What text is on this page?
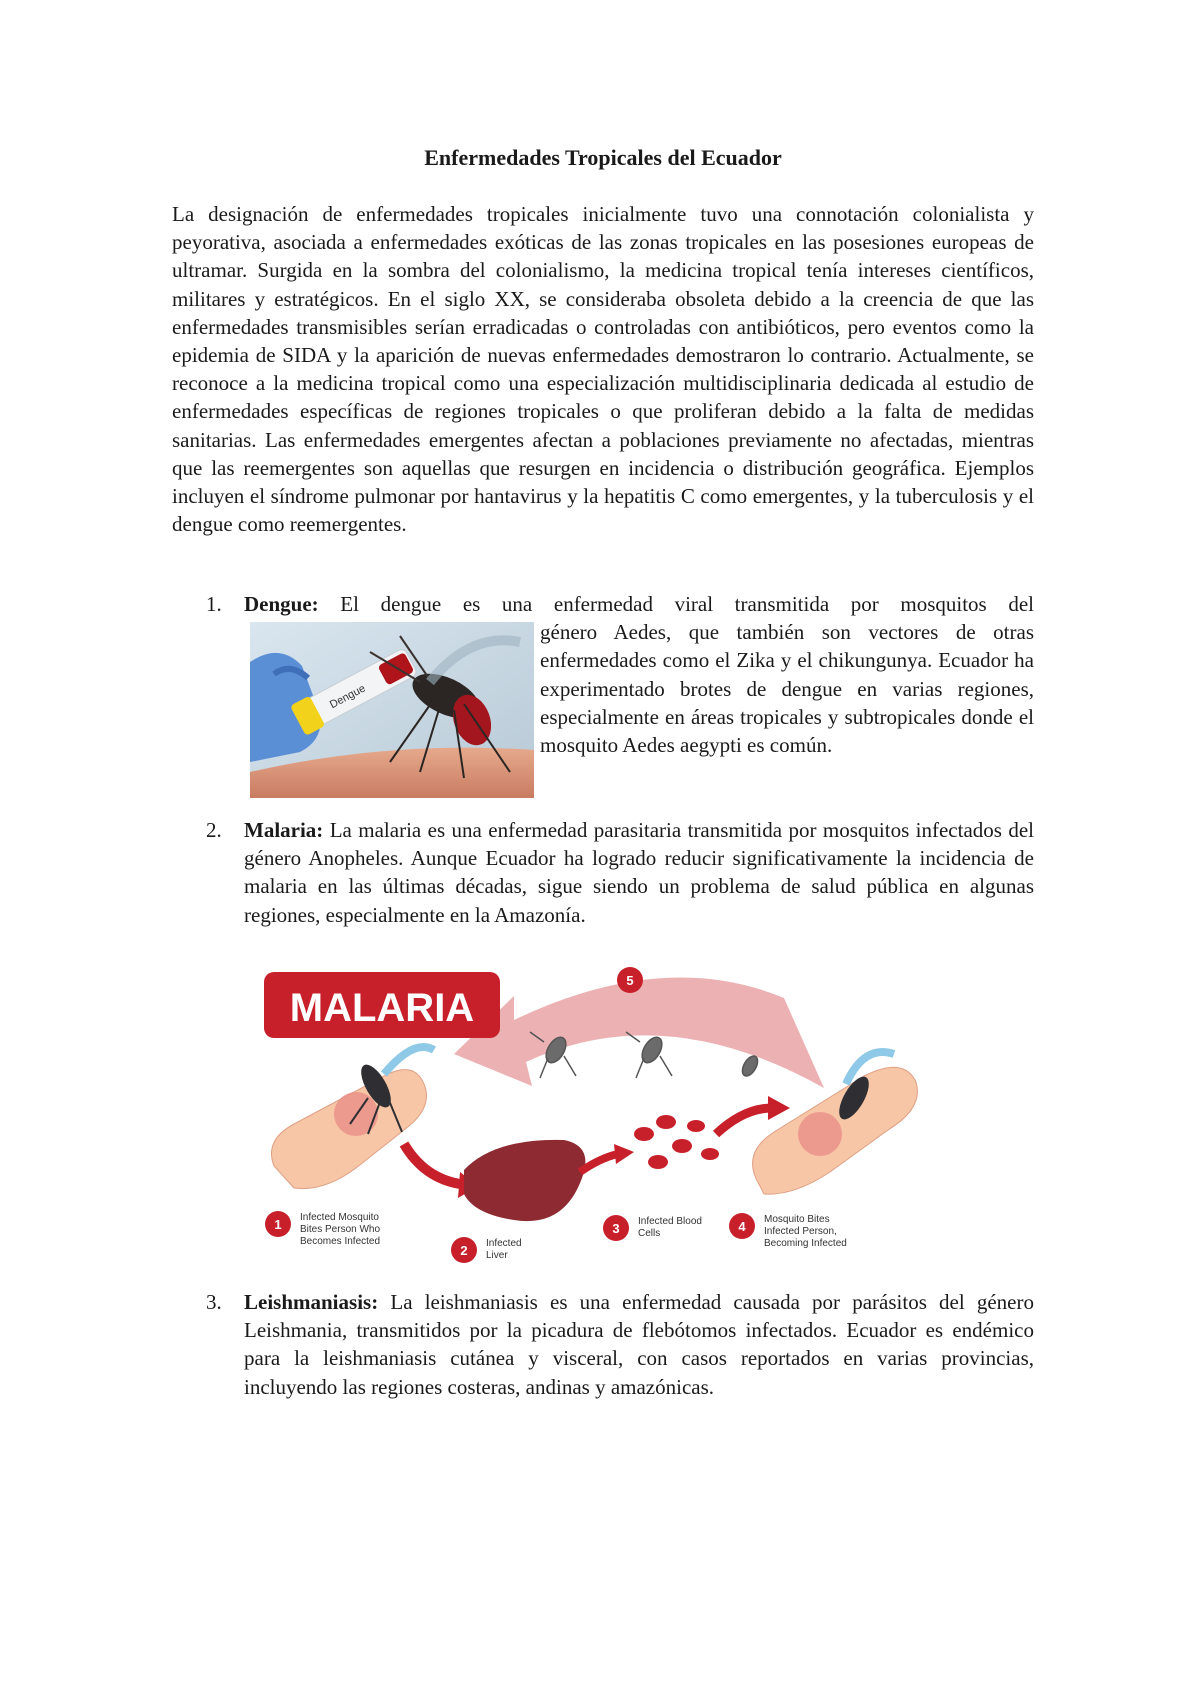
Enfermedades Tropicales del Ecuador

La designación de enfermedades tropicales inicialmente tuvo una connotación colonialista y peyorativa, asociada a enfermedades exóticas de las zonas tropicales en las posesiones europeas de ultramar. Surgida en la sombra del colonialismo, la medicina tropical tenía intereses científicos, militares y estratégicos. En el siglo XX, se consideraba obsoleta debido a la creencia de que las enfermedades transmisibles serían erradicadas o controladas con antibióticos, pero eventos como la epidemia de SIDA y la aparición de nuevas enfermedades demostraron lo contrario. Actualmente, se reconoce a la medicina tropical como una especialización multidisciplinaria dedicada al estudio de enfermedades específicas de regiones tropicales o que proliferan debido a la falta de medidas sanitarias. Las enfermedades emergentes afectan a poblaciones previamente no afectadas, mientras que las reemergentes son aquellas que resurgen en incidencia o distribución geográfica. Ejemplos incluyen el síndrome pulmonar por hantavirus y la hepatitis C como emergentes, y la tuberculosis y el dengue como reemergentes.

1. Dengue: El dengue es una enfermedad viral transmitida por mosquitos del
Dengue
género Aedes, que también son vectores de otras enfermedades como el Zika y el chikungunya. Ecuador ha experimentado brotes de dengue en varias regiones, especialmente en áreas tropicales y subtropicales donde el mosquito Aedes aegypti es común.
2. Malaria: La malaria es una enfermedad parasitaria transmitida por mosquitos infectados del género Anopheles. Aunque Ecuador ha logrado reducir significativamente la incidencia de malaria en las últimas décadas, sigue siendo un problema de salud pública en algunas regiones, especialmente en la Amazonía.
5
MALARIA
1 Infected Mosquito
Bites Person Who
Becomes Infected
2 Infected
Liver
3 Infected Blood
Cells	4 Mosquito Bites
Infected Person,
Becoming Infected
3. Leishmaniasis: La leishmaniasis es una enfermedad causada por parásitos del género Leishmania, transmitidos por la picadura de flebótomos infectados. Ecuador es endémico para la leishmaniasis cutánea y visceral, con casos reportados en varias provincias, incluyendo las regiones costeras, andinas y amazónicas.
